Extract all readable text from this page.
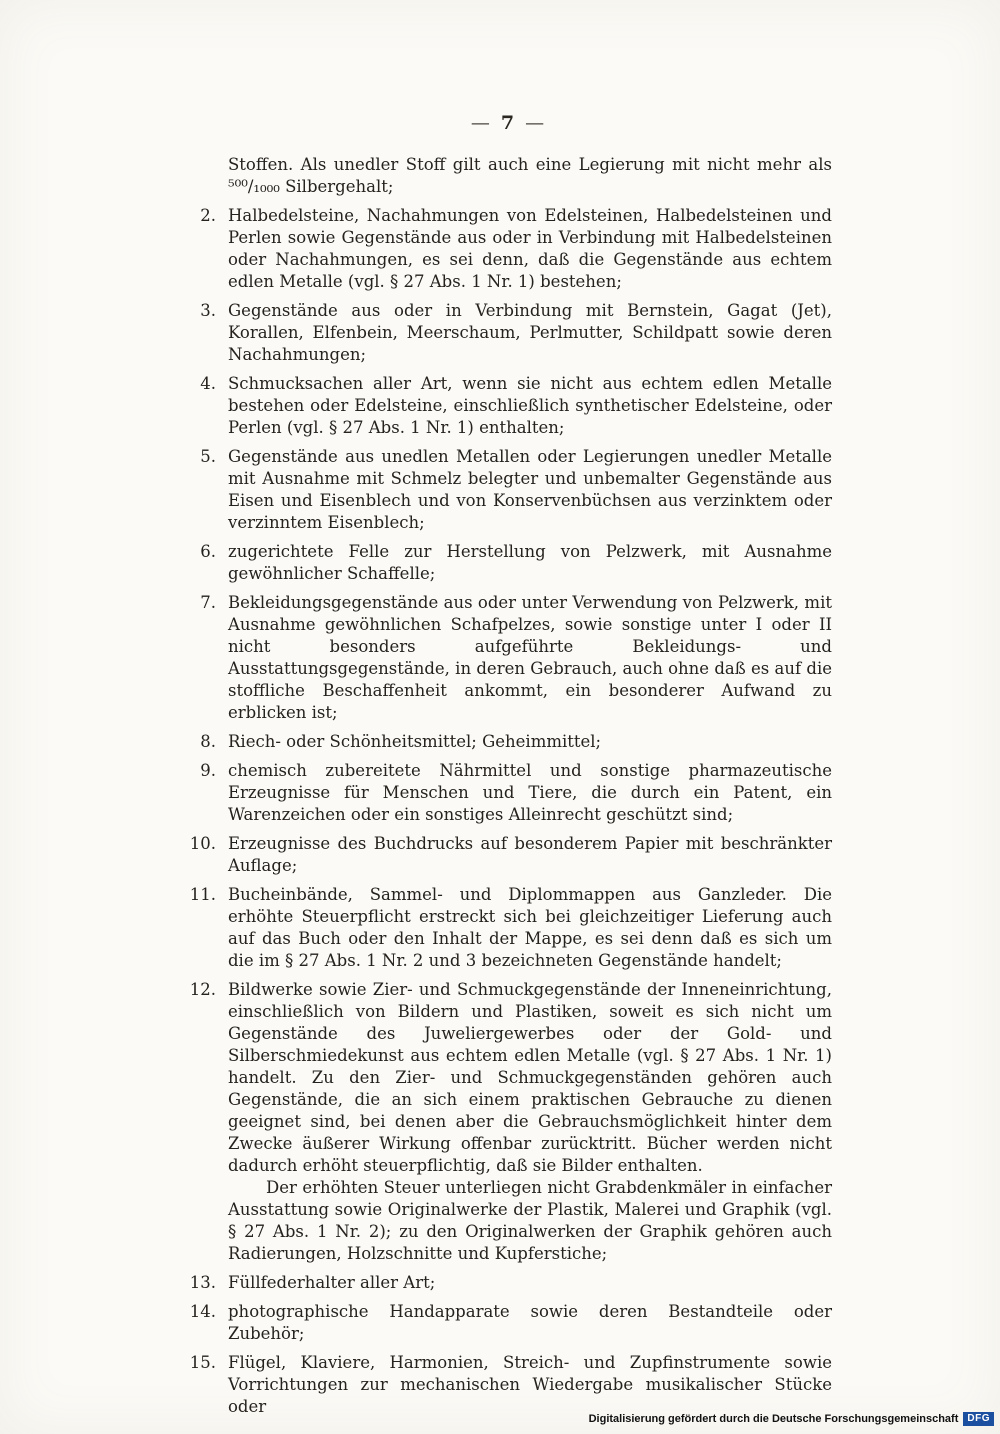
— 7 —

Stoffen. Als unedler Stoff gilt auch eine Legierung mit nicht mehr als ⁵⁰⁰/₁₀₀₀ Silbergehalt;

2. Halbedelsteine, Nachahmungen von Edelsteinen, Halbedelsteinen und Perlen sowie Gegenstände aus oder in Verbindung mit Halbedelsteinen oder Nachahmungen, es sei denn, daß die Gegenstände aus echtem edlen Metalle (vgl. § 27 Abs. 1 Nr. 1) bestehen;

3. Gegenstände aus oder in Verbindung mit Bernstein, Gagat (Jet), Korallen, Elfenbein, Meerschaum, Perlmutter, Schildpatt sowie deren Nachahmungen;

4. Schmucksachen aller Art, wenn sie nicht aus echtem edlen Metalle bestehen oder Edelsteine, einschließlich synthetischer Edelsteine, oder Perlen (vgl. § 27 Abs. 1 Nr. 1) enthalten;

5. Gegenstände aus unedlen Metallen oder Legierungen unedler Metalle mit Ausnahme mit Schmelz belegter und unbemalter Gegenstände aus Eisen und Eisenblech und von Konservenbüchsen aus verzinktem oder verzinntem Eisenblech;

6. zugerichtete Felle zur Herstellung von Pelzwerk, mit Ausnahme gewöhnlicher Schaffelle;

7. Bekleidungsgegenstände aus oder unter Verwendung von Pelzwerk, mit Ausnahme gewöhnlichen Schafpelzes, sowie sonstige unter I oder II nicht besonders aufgeführte Bekleidungs- und Ausstattungsgegenstände, in deren Gebrauch, auch ohne daß es auf die stoffliche Beschaffenheit ankommt, ein besonderer Aufwand zu erblicken ist;

8. Riech- oder Schönheitsmittel; Geheimmittel;

9. chemisch zubereitete Nährmittel und sonstige pharmazeutische Erzeugnisse für Menschen und Tiere, die durch ein Patent, ein Warenzeichen oder ein sonstiges Alleinrecht geschützt sind;

10. Erzeugnisse des Buchdrucks auf besonderem Papier mit beschränkter Auflage;

11. Bucheinbände, Sammel- und Diplommappen aus Ganzleder. Die erhöhte Steuerpflicht erstreckt sich bei gleichzeitiger Lieferung auch auf das Buch oder den Inhalt der Mappe, es sei denn daß es sich um die im § 27 Abs. 1 Nr. 2 und 3 bezeichneten Gegenstände handelt;

12. Bildwerke sowie Zier- und Schmuckgegenstände der Inneneinrichtung, einschließlich von Bildern und Plastiken, soweit es sich nicht um Gegenstände des Juweliergewerbes oder der Gold- und Silberschmiedekunst aus echtem edlen Metalle (vgl. § 27 Abs. 1 Nr. 1) handelt. Zu den Zier- und Schmuckgegenständen gehören auch Gegenstände, die an sich einem praktischen Gebrauche zu dienen geeignet sind, bei denen aber die Gebrauchsmöglichkeit hinter dem Zwecke äußerer Wirkung offenbar zurücktritt. Bücher werden nicht dadurch erhöht steuerpflichtig, daß sie Bilder enthalten.

Der erhöhten Steuer unterliegen nicht Grabdenkmäler in einfacher Ausstattung sowie Originalwerke der Plastik, Malerei und Graphik (vgl. § 27 Abs. 1 Nr. 2); zu den Originalwerken der Graphik gehören auch Radierungen, Holzschnitte und Kupferstiche;

13. Füllfederhalter aller Art;

14. photographische Handapparate sowie deren Bestandteile oder Zubehör;

15. Flügel, Klaviere, Harmonien, Streich- und Zupfinstrumente sowie Vorrichtungen zur mechanischen Wiedergabe musikalischer Stücke oder

Digitalisierung gefördert durch die Deutsche Forschungsgemeinschaft DFG
